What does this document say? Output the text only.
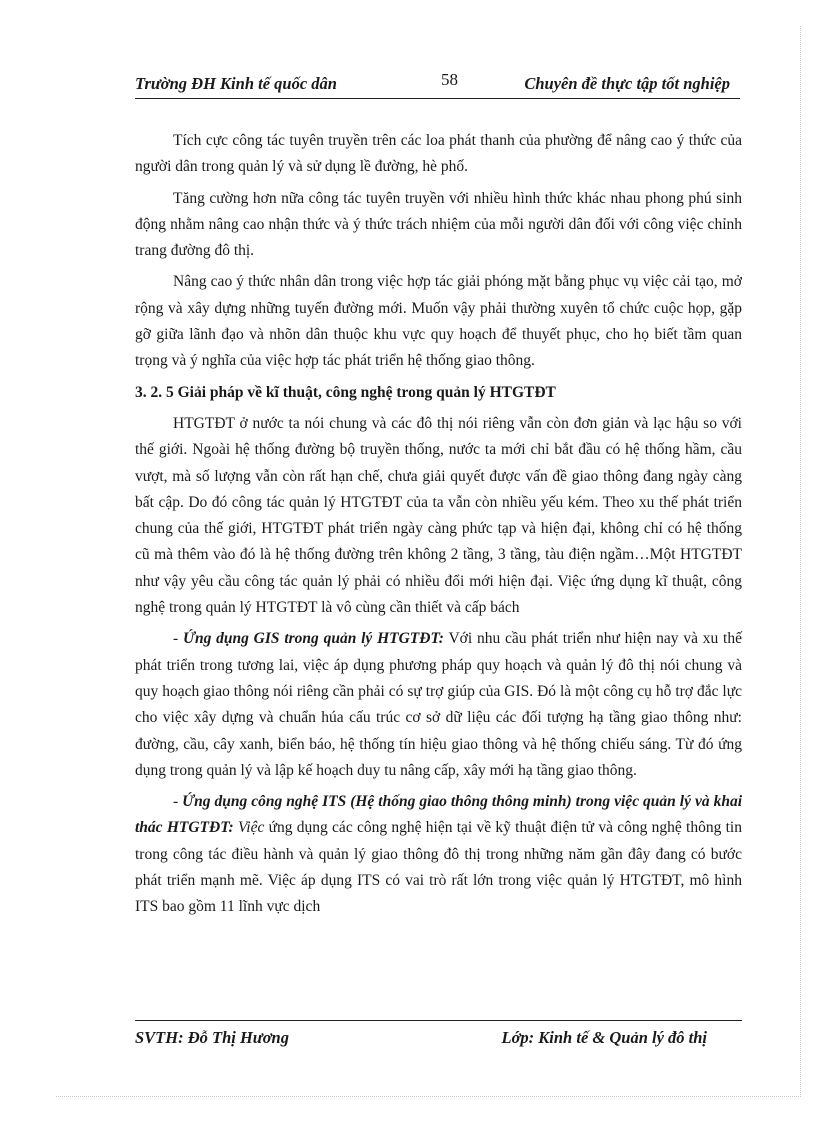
Trường ĐH Kinh tế quốc dân	58	Chuyên đề thực tập tốt nghiệp

Tích cực công tác tuyên truyền trên các loa phát thanh của phường để nâng cao ý thức của người dân trong quản lý và sử dụng lề đường, hè phố.

Tăng cường hơn nữa công tác tuyên truyền với nhiều hình thức khác nhau phong phú sinh động nhằm nâng cao nhận thức và ý thức trách nhiệm của mỗi người dân đối với công việc chỉnh trang đường đô thị.

Nâng cao ý thức nhân dân trong việc hợp tác giải phóng mặt bằng phục vụ việc cải tạo, mở rộng và xây dựng những tuyến đường mới. Muốn vậy phải thường xuyên tổ chức cuộc họp, gặp gỡ giữa lãnh đạo và nhõn dân thuộc khu vực quy hoạch để thuyết phục, cho họ biết tầm quan trọng và ý nghĩa của việc hợp tác phát triển hệ thống giao thông.

3. 2. 5 Giải pháp về kĩ thuật, công nghệ trong quản lý HTGTĐT

HTGTĐT ở nước ta nói chung và các đô thị nói riêng vẫn còn đơn giản và lạc hậu so với thế giới. Ngoài hệ thống đường bộ truyền thống, nước ta mới chỉ bắt đầu có hệ thống hầm, cầu vượt, mà số lượng vẫn còn rất hạn chế, chưa giải quyết được vấn đề giao thông đang ngày càng bất cập. Do đó công tác quản lý HTGTĐT của ta vẫn còn nhiều yếu kém. Theo xu thế phát triển chung của thế giới, HTGTĐT phát triển ngày càng phức tạp và hiện đại, không chỉ có hệ thống cũ mà thêm vào đó là hệ thống đường trên không 2 tầng, 3 tầng, tàu điện ngầm…Một HTGTĐT như vậy yêu cầu công tác quản lý phải có nhiều đổi mới hiện đại. Việc ứng dụng kĩ thuật, công nghệ trong quản lý HTGTĐT là vô cùng cần thiết và cấp bách

- Ứng dụng GIS trong quản lý HTGTĐT: Với nhu cầu phát triển như hiện nay và xu thế phát triển trong tương lai, việc áp dụng phương pháp quy hoạch và quản lý đô thị nói chung và quy hoạch giao thông nói riêng cần phải có sự trợ giúp của GIS. Đó là một công cụ hỗ trợ đắc lực cho việc xây dựng và chuẩn húa cấu trúc cơ sở dữ liệu các đối tượng hạ tầng giao thông như: đường, cầu, cây xanh, biển báo, hệ thống tín hiệu giao thông và hệ thống chiếu sáng. Từ đó ứng dụng trong quản lý và lập kế hoạch duy tu nâng cấp, xây mới hạ tầng giao thông.

- Ứng dụng công nghệ ITS (Hệ thống giao thông thông minh) trong việc quản lý và khai thác HTGTĐT: Việc ứng dụng các công nghệ hiện tại về kỹ thuật điện tử và công nghệ thông tin trong công tác điều hành và quản lý giao thông đô thị trong những năm gần đây đang có bước phát triển mạnh mẽ. Việc áp dụng ITS có vai trò rất lớn trong việc quản lý HTGTĐT, mô hình ITS bao gồm 11 lĩnh vực dịch

SVTH: Đỗ Thị Hương	Lớp: Kinh tế & Quản lý đô thị
